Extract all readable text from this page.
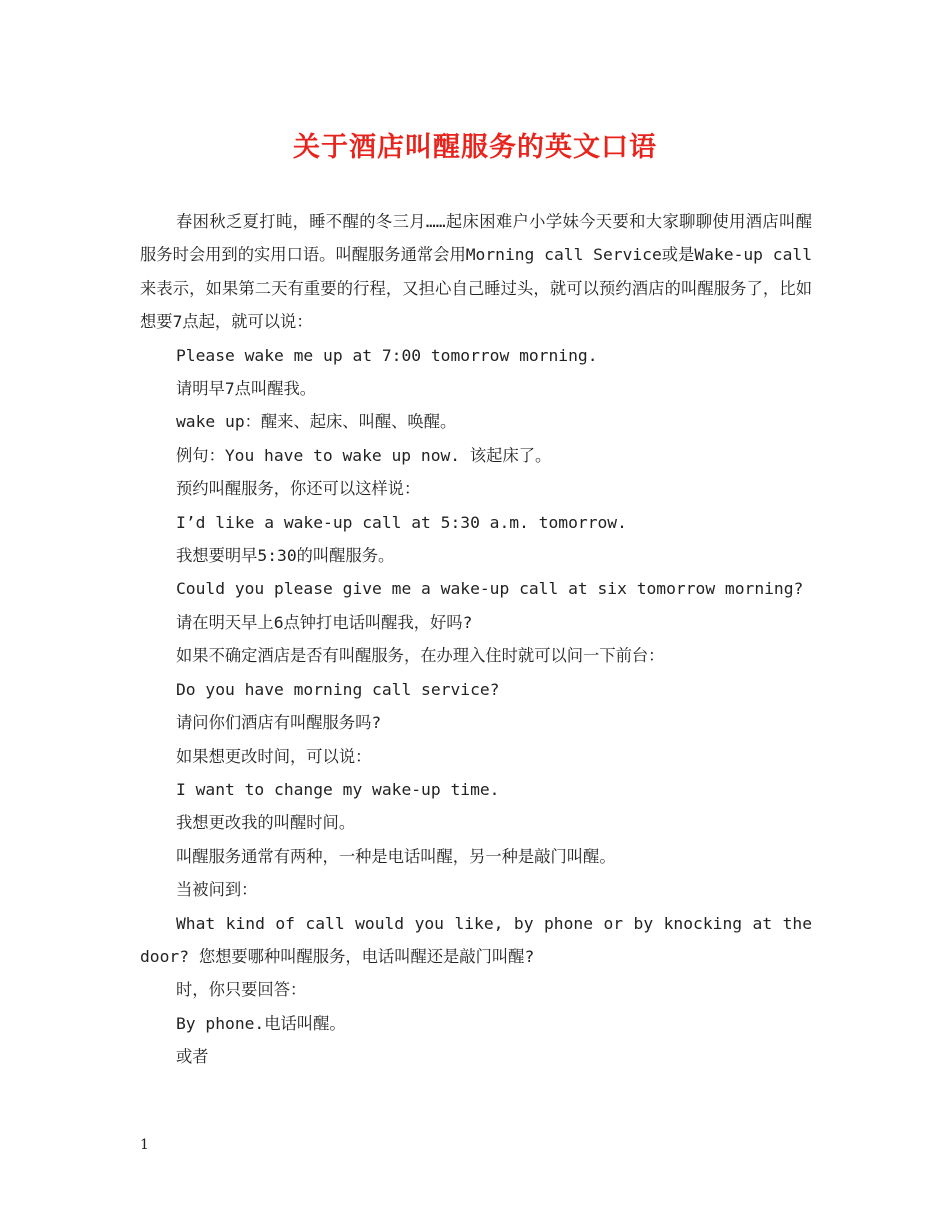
关于酒店叫醒服务的英文口语

春困秋乏夏打盹，睡不醒的冬三月……起床困难户小学妹今天要和大家聊聊使用酒店叫醒服务时会用到的实用口语。叫醒服务通常会用Morning call Service或是Wake-up call来表示，如果第二天有重要的行程，又担心自己睡过头，就可以预约酒店的叫醒服务了，比如想要7点起，就可以说：

Please wake me up at 7:00 tomorrow morning.

请明早7点叫醒我。

wake up：醒来、起床、叫醒、唤醒。

例句：You have to wake up now. 该起床了。

预约叫醒服务，你还可以这样说：

I’d like a wake-up call at 5:30 a.m. tomorrow.

我想要明早5:30的叫醒服务。

Could you please give me a wake-up call at six tomorrow morning?

请在明天早上6点钟打电话叫醒我，好吗?

如果不确定酒店是否有叫醒服务，在办理入住时就可以问一下前台：

Do you have morning call service?

请问你们酒店有叫醒服务吗?

如果想更改时间，可以说：

I want to change my wake-up time.

我想更改我的叫醒时间。

叫醒服务通常有两种，一种是电话叫醒，另一种是敲门叫醒。

当被问到：

What kind of call would you like, by phone or by knocking at the door? 您想要哪种叫醒服务，电话叫醒还是敲门叫醒?

时，你只要回答：

By phone.电话叫醒。

或者

1
